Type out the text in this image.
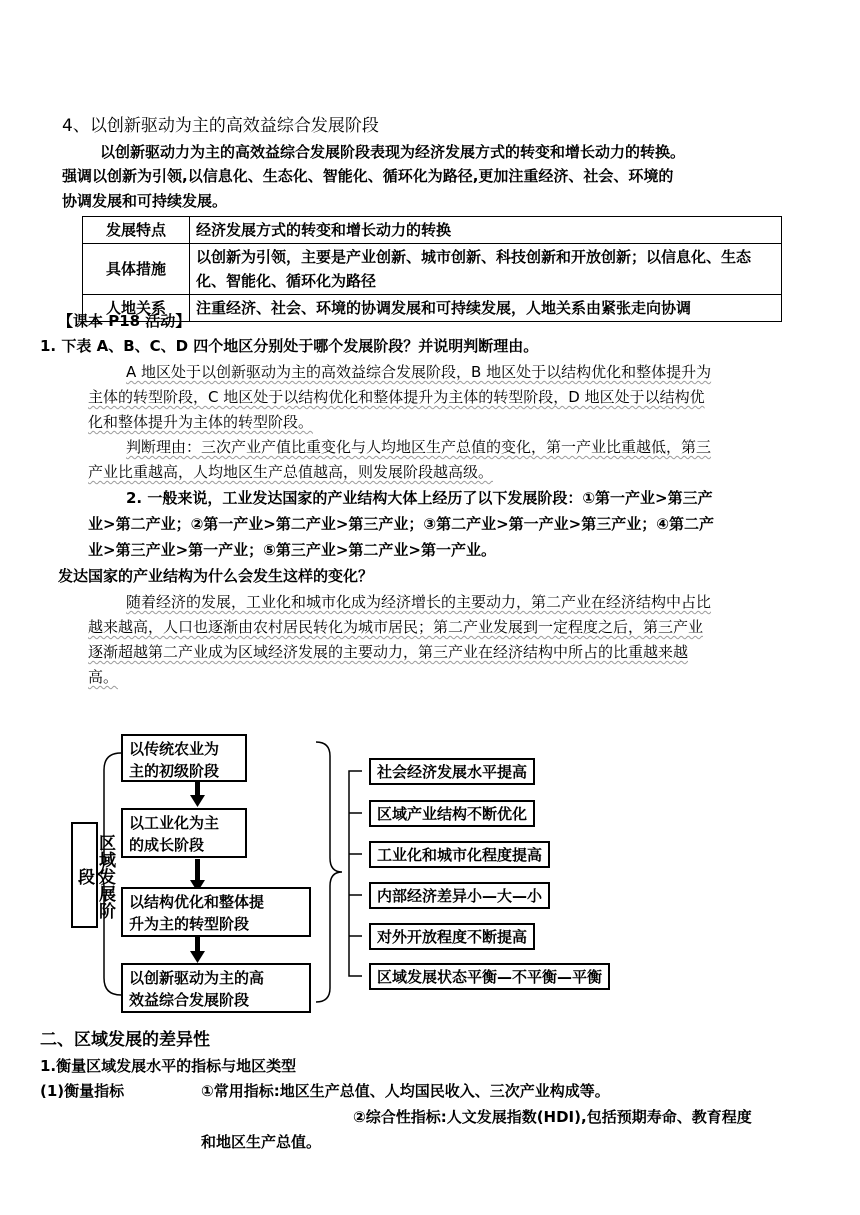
4、以创新驱动为主的高效益综合发展阶段
以创新驱动力为主的高效益综合发展阶段表现为经济发展方式的转变和增长动力的转换。
强调以创新为引领,以信息化、生态化、智能化、循环化为路径,更加注重经济、社会、环境的
协调发展和可持续发展。
发展特点	经济发展方式的转变和增长动力的转换
具体措施	以创新为引领，主要是产业创新、城市创新、科技创新和开放创新；以信息化、生态化、智能化、循环化为路径
人地关系	注重经济、社会、环境的协调发展和可持续发展，人地关系由紧张走向协调
【课本 P18 活动】
1. 下表 A、B、C、D 四个地区分别处于哪个发展阶段？并说明判断理由。
A 地区处于以创新驱动为主的高效益综合发展阶段，B 地区处于以结构优化和整体提升为
主体的转型阶段，C 地区处于以结构优化和整体提升为主体的转型阶段，D 地区处于以结构优
化和整体提升为主体的转型阶段。
判断理由：三次产业产值比重变化与人均地区生产总值的变化，第一产业比重越低，第三
产业比重越高，人均地区生产总值越高，则发展阶段越高级。
2. 一般来说，工业发达国家的产业结构大体上经历了以下发展阶段：①第一产业>第三产
业>第二产业；②第一产业>第二产业>第三产业；③第二产业>第一产业>第三产业；④第二产
业>第三产业>第一产业；⑤第三产业>第二产业>第一产业。
发达国家的产业结构为什么会发生这样的变化？
随着经济的发展，工业化和城市化成为经济增长的主要动力，第二产业在经济结构中占比
越来越高，人口也逐渐由农村居民转化为城市居民；第二产业发展到一定程度之后，第三产业
逐渐超越第二产业成为区域经济发展的主要动力，第三产业在经济结构中所占的比重越来越
高。
区域发展阶段
以传统农业为
主的初级阶段
以工业化为主
的成长阶段
以结构优化和整体提
升为主的转型阶段
以创新驱动为主的高
效益综合发展阶段
社会经济发展水平提高
区域产业结构不断优化
工业化和城市化程度提高
内部经济差异小—大—小
对外开放程度不断提高
区域发展状态平衡—不平衡—平衡
二、区域发展的差异性
1.衡量区域发展水平的指标与地区类型
(1)衡量指标	①常用指标:地区生产总值、人均国民收入、三次产业构成等。
②综合性指标:人文发展指数(HDI),包括预期寿命、教育程度
和地区生产总值。
